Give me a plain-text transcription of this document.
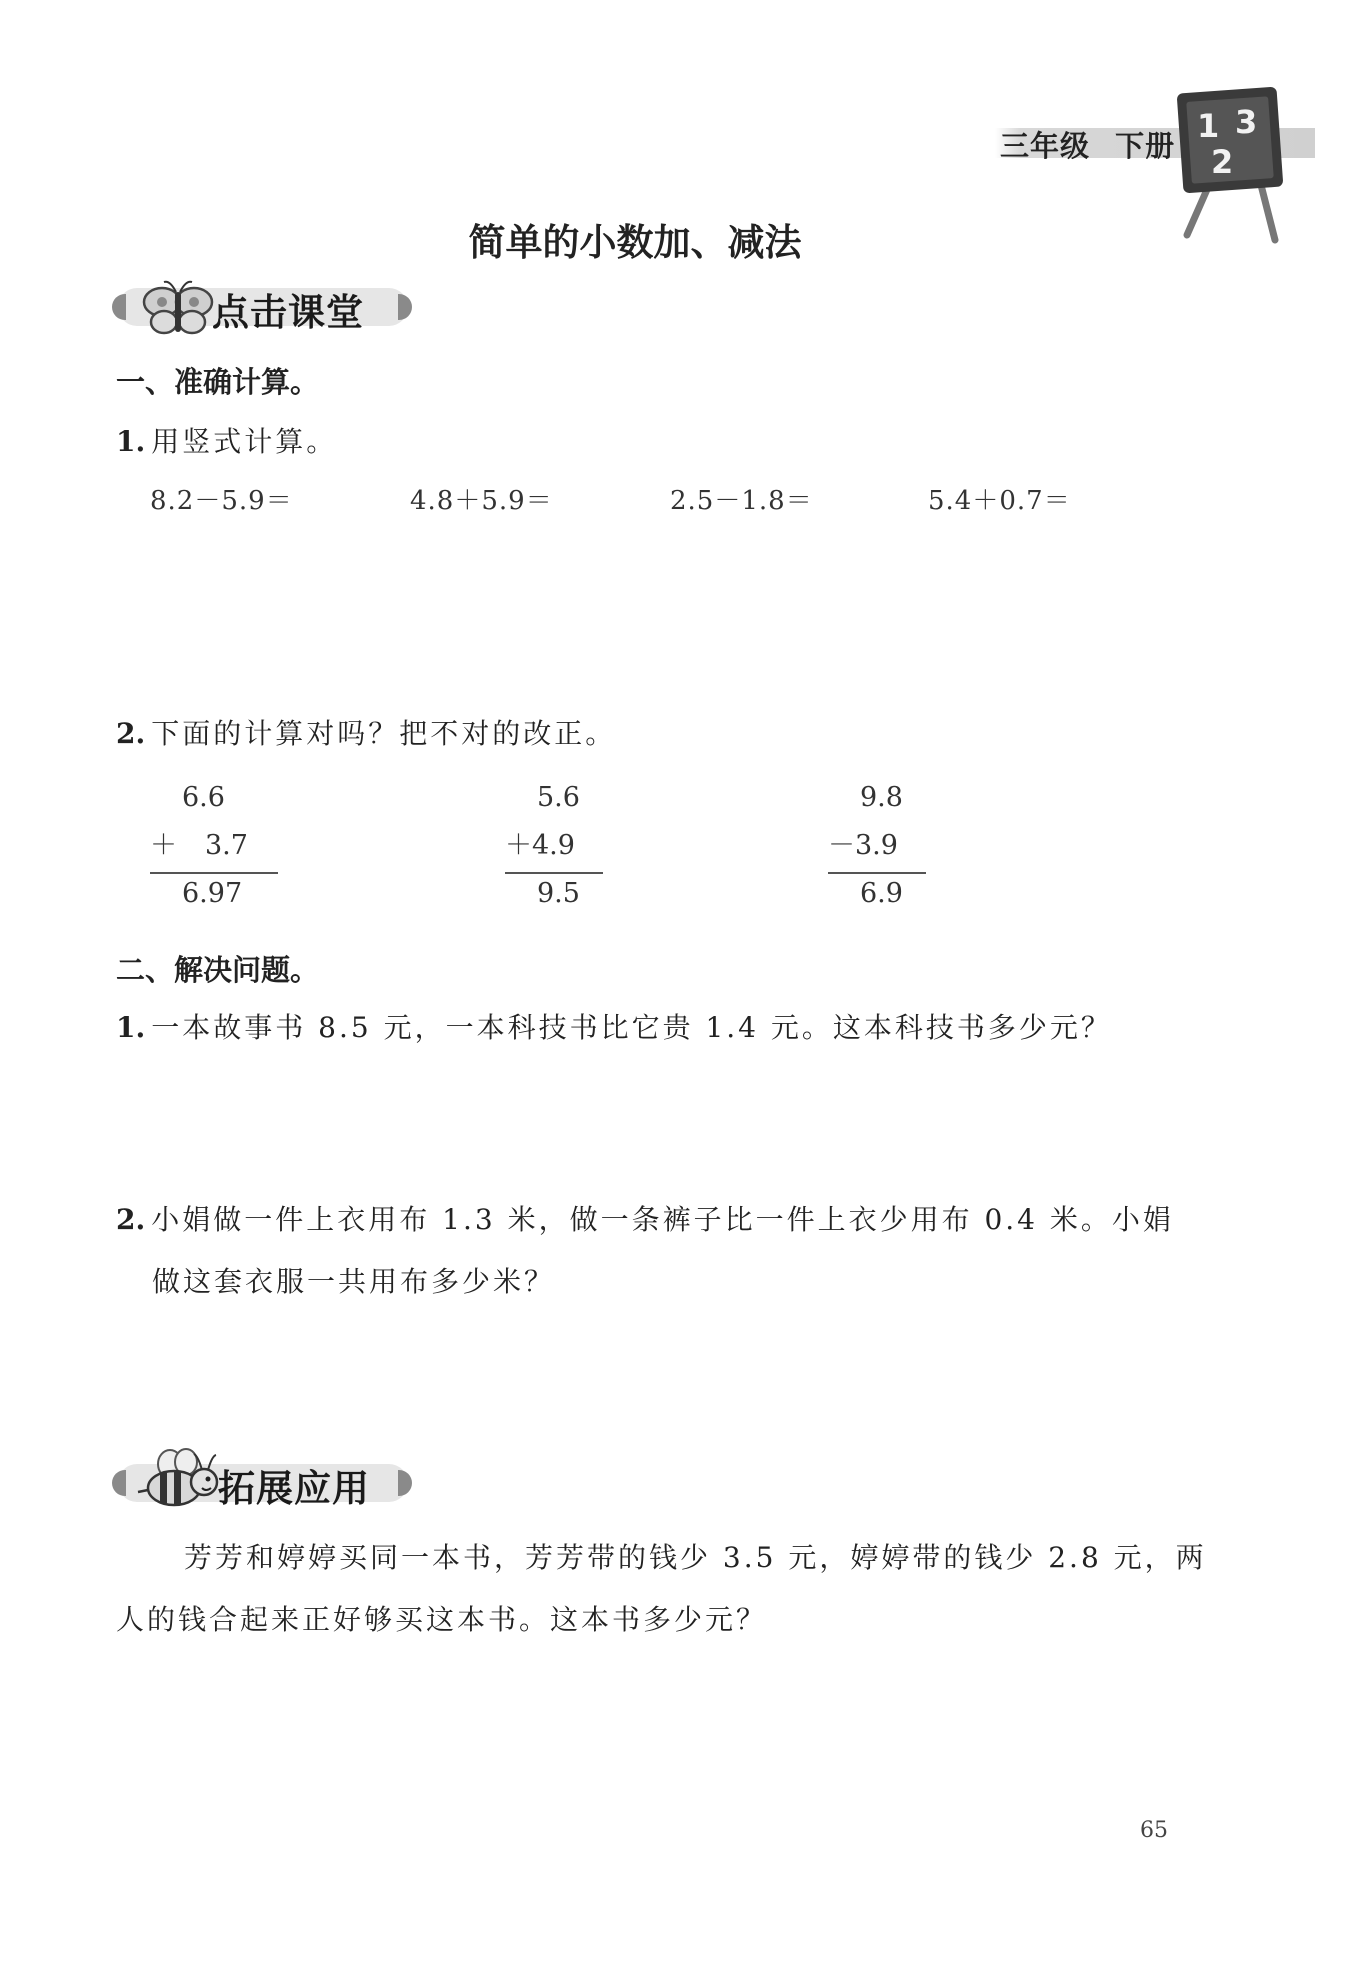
三年级 下册
1 3
2
简单的小数加、减法
点击课堂
一、准确计算。
1. 用竖式计算。
8.2－5.9＝	4.8＋5.9＝	2.5－1.8＝	5.4＋0.7＝
2. 下面的计算对吗？把不对的改正。
6.6
＋ 3.7
6.97
5.6
＋4.9
9.5
9.8
－3.9
6.9
二、解决问题。
1. 一本故事书 8.5 元，一本科技书比它贵 1.4 元。这本科技书多少元？
2. 小娟做一件上衣用布 1.3 米，做一条裤子比一件上衣少用布 0.4 米。小娟
做这套衣服一共用布多少米？
拓展应用
芳芳和婷婷买同一本书，芳芳带的钱少 3.5 元，婷婷带的钱少 2.8 元，两
人的钱合起来正好够买这本书。这本书多少元？
65
